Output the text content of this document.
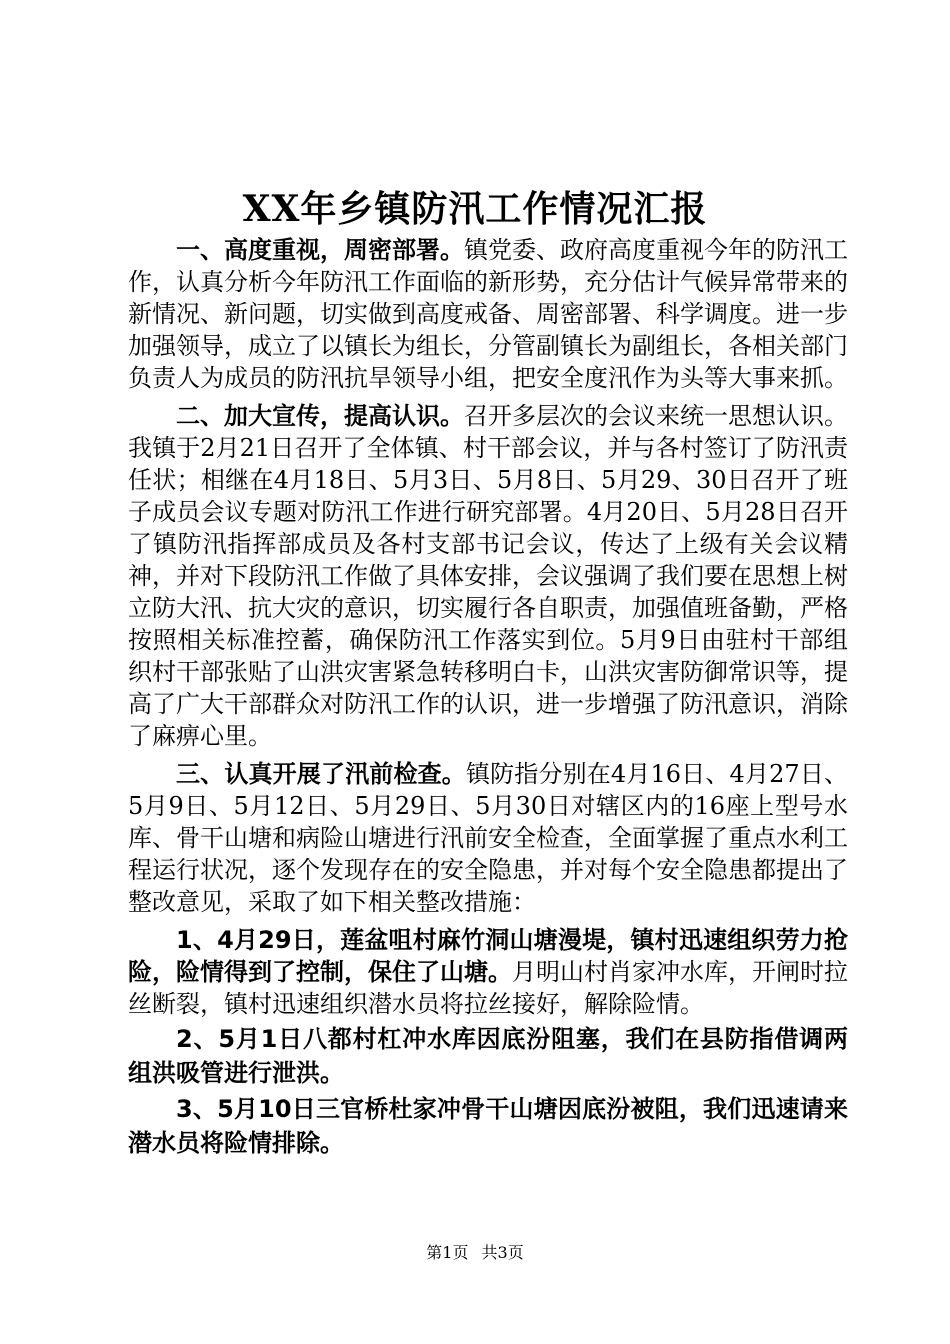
XX年乡镇防汛工作情况汇报

一、高度重视，周密部署。镇党委、政府高度重视今年的防汛工作，认真分析今年防汛工作面临的新形势，充分估计气候异常带来的新情况、新问题，切实做到高度戒备、周密部署、科学调度。进一步加强领导，成立了以镇长为组长，分管副镇长为副组长，各相关部门负责人为成员的防汛抗旱领导小组，把安全度汛作为头等大事来抓。

二、加大宣传，提高认识。召开多层次的会议来统一思想认识。我镇于2月21日召开了全体镇、村干部会议，并与各村签订了防汛责任状；相继在4月18日、5月3日、5月8日、5月29、30日召开了班子成员会议专题对防汛工作进行研究部署。4月20日、5月28日召开了镇防汛指挥部成员及各村支部书记会议，传达了上级有关会议精神，并对下段防汛工作做了具体安排，会议强调了我们要在思想上树立防大汛、抗大灾的意识，切实履行各自职责，加强值班备勤，严格按照相关标准控蓄，确保防汛工作落实到位。5月9日由驻村干部组织村干部张贴了山洪灾害紧急转移明白卡，山洪灾害防御常识等，提高了广大干部群众对防汛工作的认识，进一步增强了防汛意识，消除了麻痹心里。

三、认真开展了汛前检查。镇防指分别在4月16日、4月27日、5月9日、5月12日、5月29日、5月30日对辖区内的16座上型号水库、骨干山塘和病险山塘进行汛前安全检查，全面掌握了重点水利工程运行状况，逐个发现存在的安全隐患，并对每个安全隐患都提出了整改意见，采取了如下相关整改措施：

1、4月29日，莲盆咀村麻竹洞山塘漫堤，镇村迅速组织劳力抢险，险情得到了控制，保住了山塘。月明山村肖家冲水库，开闸时拉丝断裂，镇村迅速组织潜水员将拉丝接好，解除险情。

2、5月1日八都村杠冲水库因底汾阻塞，我们在县防指借调两组洪吸管进行泄洪。

3、5月10日三官桥杜家冲骨干山塘因底汾被阻，我们迅速请来潜水员将险情排除。

第1页 共3页
